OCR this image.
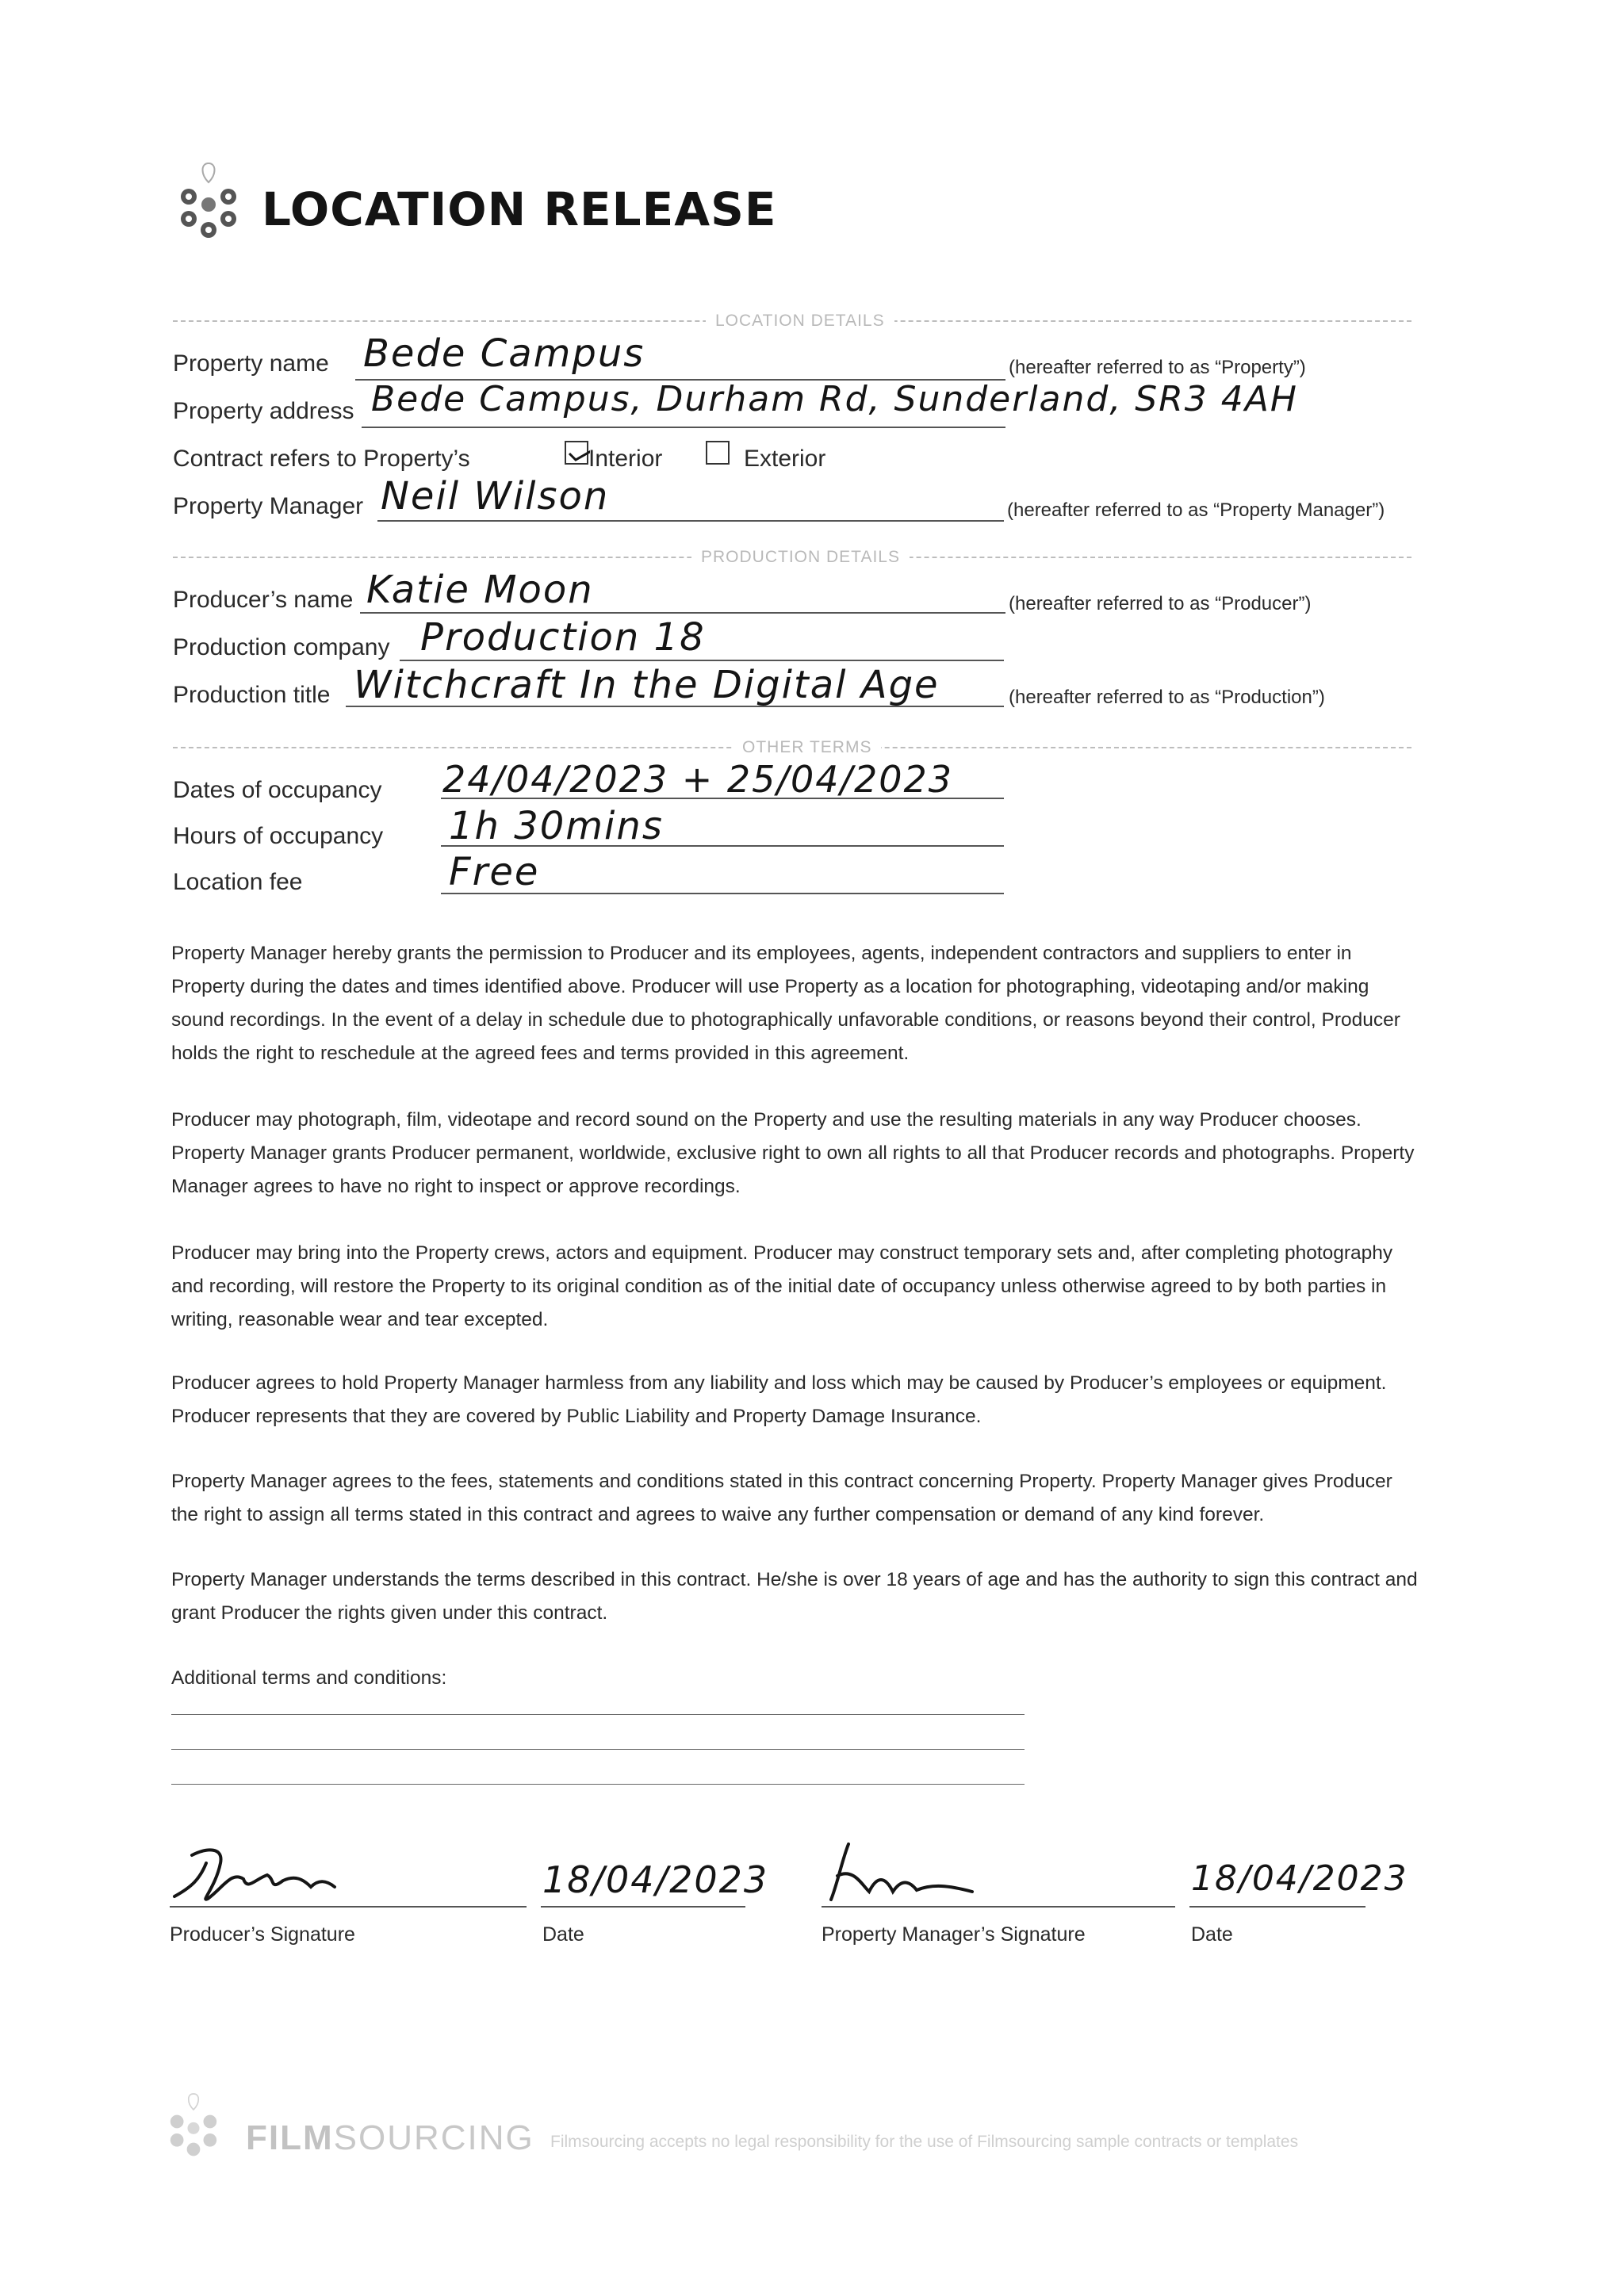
LOCATION RELEASE
LOCATION DETAILS
Property name Bede Campus	(hereafter referred to as “Property”)
Property address Bede Campus, Durham Rd, Sunderland, SR3 4AH
Contract refers to Property’s	Interior	Exterior
Property Manager Neil Wilson	(hereafter referred to as “Property Manager”)
PRODUCTION DETAILS
Producer’s name Katie Moon	(hereafter referred to as “Producer”)
Production company Production 18
Production title Witchcraft In the Digital Age	(hereafter referred to as “Production”)
OTHER TERMS
Dates of occupancy 24/04/2023 + 25/04/2023
Hours of occupancy 1h 30mins
Location fee	Free
Property Manager hereby grants the permission to Producer and its employees, agents, independent contractors and suppliers to enter in Property during the dates and times identified above. Producer will use Property as a location for photographing, videotaping and/or making sound recordings. In the event of a delay in schedule due to photographically unfavorable conditions, or reasons beyond their control, Producer holds the right to reschedule at the agreed fees and terms provided in this agreement.
Producer may photograph, film, videotape and record sound on the Property and use the resulting materials in any way Producer chooses. Property Manager grants Producer permanent, worldwide, exclusive right to own all rights to all that Producer records and photographs. Property Manager agrees to have no right to inspect or approve recordings.
Producer may bring into the Property crews, actors and equipment. Producer may construct temporary sets and, after completing photography and recording, will restore the Property to its original condition as of the initial date of occupancy unless otherwise agreed to by both parties in writing, reasonable wear and tear excepted.
Producer agrees to hold Property Manager harmless from any liability and loss which may be caused by Producer’s employees or equipment. Producer represents that they are covered by Public Liability and Property Damage Insurance.
Property Manager agrees to the fees, statements and conditions stated in this contract concerning Property. Property Manager gives Producer the right to assign all terms stated in this contract and agrees to waive any further compensation or demand of any kind forever.
Property Manager understands the terms described in this contract. He/she is over 18 years of age and has the authority to sign this contract and grant Producer the rights given under this contract.
Additional terms and conditions:
Producer’s Signature
18/04/2023
Date	Property Manager’s Signature
18/04/2023
Date
FILMSOURCING Filmsourcing accepts no legal responsibility for the use of Filmsourcing sample contracts or templates
